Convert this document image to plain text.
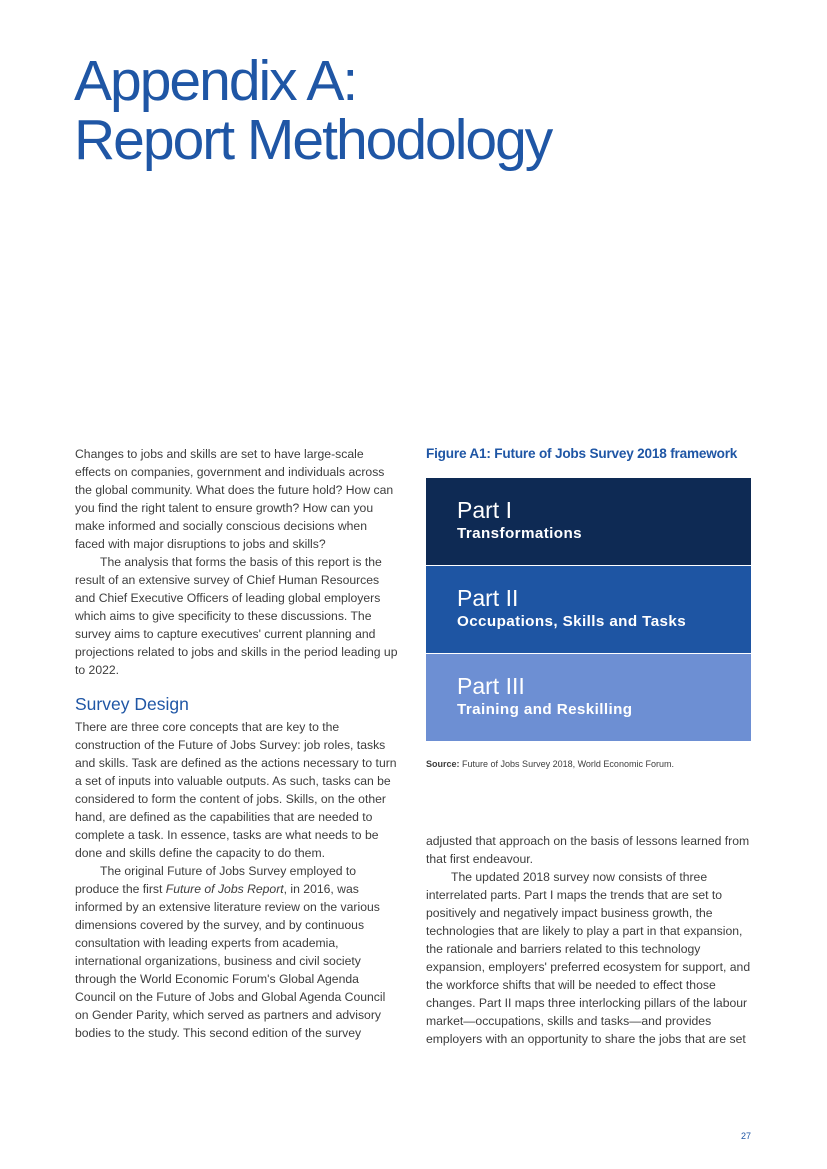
Appendix A:
Report Methodology

Changes to jobs and skills are set to have large-scale effects on companies, government and individuals across the global community. What does the future hold? How can you find the right talent to ensure growth? How can you make informed and socially conscious decisions when faced with major disruptions to jobs and skills?

The analysis that forms the basis of this report is the result of an extensive survey of Chief Human Resources and Chief Executive Officers of leading global employers which aims to give specificity to these discussions. The survey aims to capture executives' current planning and projections related to jobs and skills in the period leading up to 2022.

Survey Design

There are three core concepts that are key to the construction of the Future of Jobs Survey: job roles, tasks and skills. Task are defined as the actions necessary to turn a set of inputs into valuable outputs. As such, tasks can be considered to form the content of jobs. Skills, on the other hand, are defined as the capabilities that are needed to complete a task. In essence, tasks are what needs to be done and skills define the capacity to do them.

The original Future of Jobs Survey employed to produce the first Future of Jobs Report, in 2016, was informed by an extensive literature review on the various dimensions covered by the survey, and by continuous consultation with leading experts from academia, international organizations, business and civil society through the World Economic Forum's Global Agenda Council on the Future of Jobs and Global Agenda Council on Gender Parity, which served as partners and advisory bodies to the study. This second edition of the survey

Figure A1: Future of Jobs Survey 2018 framework
Part I
Transformations
Part II
Occupations, Skills and Tasks
Part III
Training and Reskilling

Source: Future of Jobs Survey 2018, World Economic Forum.

adjusted that approach on the basis of lessons learned from that first endeavour.

The updated 2018 survey now consists of three interrelated parts. Part I maps the trends that are set to positively and negatively impact business growth, the technologies that are likely to play a part in that expansion, the rationale and barriers related to this technology expansion, employers' preferred ecosystem for support, and the workforce shifts that will be needed to effect those changes. Part II maps three interlocking pillars of the labour market—occupations, skills and tasks—and provides employers with an opportunity to share the jobs that are set

27
